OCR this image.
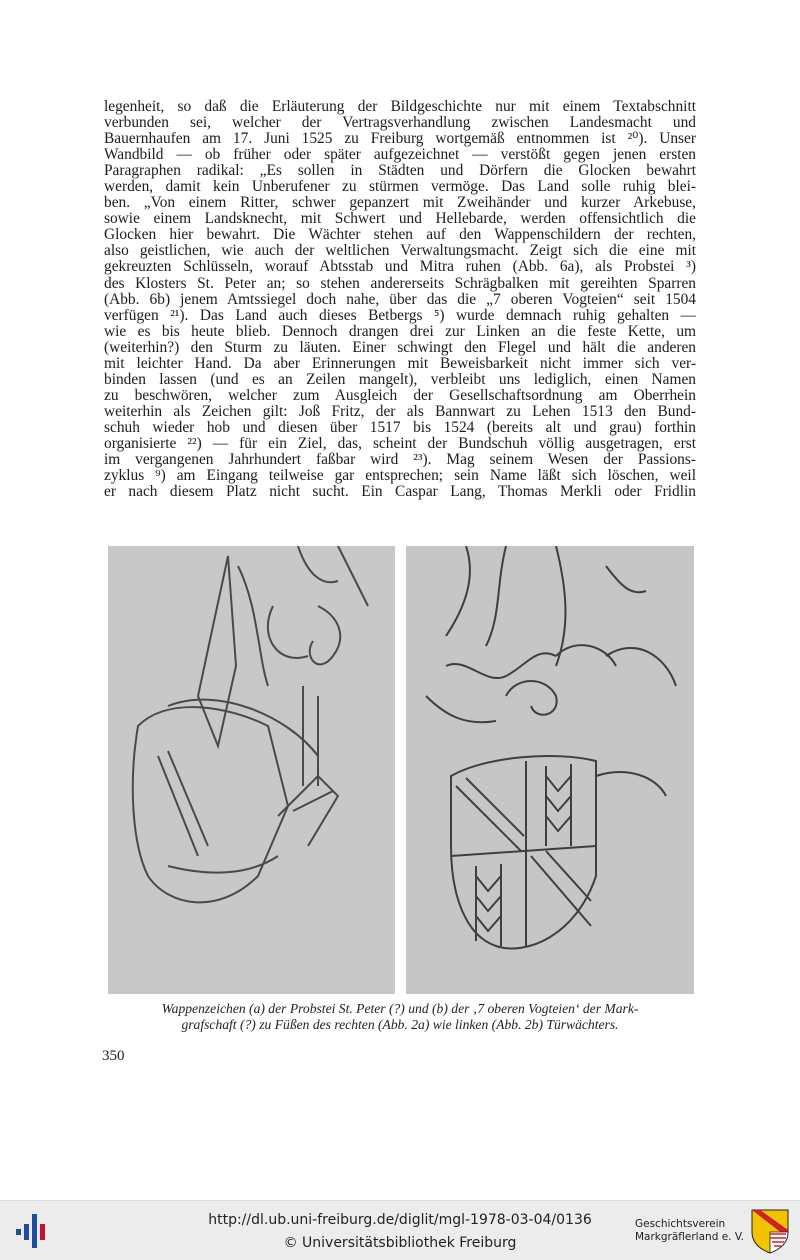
legenheit, so daß die Erläuterung der Bildgeschichte nur mit einem Textabschnitt
verbunden sei, welcher der Vertragsverhandlung zwischen Landesmacht und
Bauernhaufen am 17. Juni 1525 zu Freiburg wortgemäß entnommen ist ²⁰). Unser
Wandbild — ob früher oder später aufgezeichnet — verstößt gegen jenen ersten
Paragraphen radikal: „Es sollen in Städten und Dörfern die Glocken bewahrt
werden, damit kein Unberufener zu stürmen vermöge. Das Land solle ruhig blei-
ben. „Von einem Ritter, schwer gepanzert mit Zweihänder und kurzer Arkebuse,
sowie einem Landsknecht, mit Schwert und Hellebarde, werden offensichtlich die
Glocken hier bewahrt. Die Wächter stehen auf den Wappenschildern der rechten,
also geistlichen, wie auch der weltlichen Verwaltungsmacht. Zeigt sich die eine mit
gekreuzten Schlüsseln, worauf Abtsstab und Mitra ruhen (Abb. 6a), als Probstei ³)
des Klosters St. Peter an; so stehen andererseits Schrägbalken mit gereihten Sparren
(Abb. 6b) jenem Amtssiegel doch nahe, über das die „7 oberen Vogteien“ seit 1504
verfügen ²¹). Das Land auch dieses Betbergs ⁵) wurde demnach ruhig gehalten —
wie es bis heute blieb. Dennoch drangen drei zur Linken an die feste Kette, um
(weiterhin?) den Sturm zu läuten. Einer schwingt den Flegel und hält die anderen
mit leichter Hand. Da aber Erinnerungen mit Beweisbarkeit nicht immer sich ver-
binden lassen (und es an Zeilen mangelt), verbleibt uns lediglich, einen Namen
zu beschwören, welcher zum Ausgleich der Gesellschaftsordnung am Oberrhein
weiterhin als Zeichen gilt: Joß Fritz, der als Bannwart zu Lehen 1513 den Bund-
schuh wieder hob und diesen über 1517 bis 1524 (bereits alt und grau) forthin
organisierte ²²) — für ein Ziel, das, scheint der Bundschuh völlig ausgetragen, erst
im vergangenen Jahrhundert faßbar wird ²³). Mag seinem Wesen der Passions-
zyklus ⁹) am Eingang teilweise gar entsprechen; sein Name läßt sich löschen, weil
er nach diesem Platz nicht sucht. Ein Caspar Lang, Thomas Merkli oder Fridlin
Wappenzeichen (a) der Probstei St. Peter (?) und (b) der ‚7 oberen Vogteien‘ der Mark-
grafschaft (?) zu Füßen des rechten (Abb. 2a) wie linken (Abb. 2b) Türwächters.
350
http://dl.ub.uni-freiburg.de/diglit/mgl-1978-03-04/0136
© Universitätsbibliothek Freiburg
Geschichtsverein
Markgräflerland e. V.
